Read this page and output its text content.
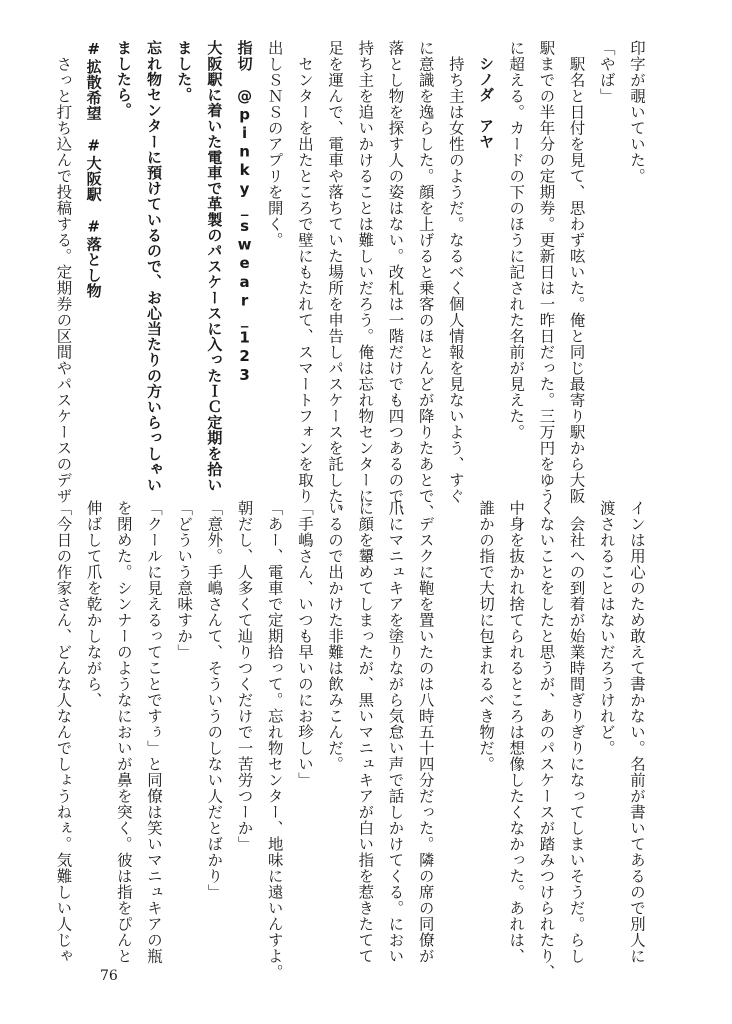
印字が覗いていた。
「やば」
　駅名と日付を見て、思わず呟いた。俺と同じ最寄り駅から大阪
駅までの半年分の定期券。更新日は一昨日だった。三万円をゆう
に超える。カードの下のほうに記された名前が見えた。
　シノダ　アヤ
　持ち主は女性のようだ。なるべく個人情報を見ないよう、すぐ
に意識を逸らした。顔を上げると乗客のほとんどが降りたあとで、
落とし物を探す人の姿はない。改札は一階だけでも四つあるので、
持ち主を追いかけることは難しいだろう。俺は忘れ物センターに
足を運んで、電車や落ちていた場所を申告しパスケースを託した。
　センターを出たところで壁にもたれて、スマートフォンを取り
出しＳＮＳのアプリを開く。
指切　@pinky_swear_123
大阪駅に着いた電車で革製のパスケースに入ったＩＣ定期を拾い
ました。
忘れ物センターに預けているので、お心当たりの方いらっしゃい
ましたら。
#拡散希望　#大阪駅　#落とし物
　さっと打ち込んで投稿する。定期券の区間やパスケースのデザ
インは用心のため敢えて書かない。名前が書いてあるので別人に
渡されることはないだろうけれど。
　会社への到着が始業時間ぎりぎりになってしまいそうだ。らし
くないことをしたと思うが、あのパスケースが踏みつけられたり、
中身を抜かれ捨てられるところは想像したくなかった。あれは、
誰かの指で大切に包まれるべき物だ。
　デスクに鞄を置いたのは八時五十四分だった。隣の席の同僚が
爪にマニュキアを塗りながら気怠い声で話しかけてくる。におい
に顔を顰めてしまったが、黒いマニュキアが白い指を惹きたてて
いるので出かけた非難は飲みこんだ。
「手嶋さん、いつも早いのにお珍しい」
「あー、電車で定期拾って。忘れ物センター、地味に遠いんすよ。
朝だし、人多くて辿りつくだけで一苦労つーか」
「意外。手嶋さんて、そういうのしない人だとばかり」
「どういう意味すか」
「クールに見えるってことですぅ」と同僚は笑いマニュキアの瓶
を閉めた。シンナーのようなにおいが鼻を突く。彼は指をぴんと
伸ばして爪を乾かしながら、
「今日の作家さん、どんな人なんでしょうねぇ。気難しい人じゃ
76
